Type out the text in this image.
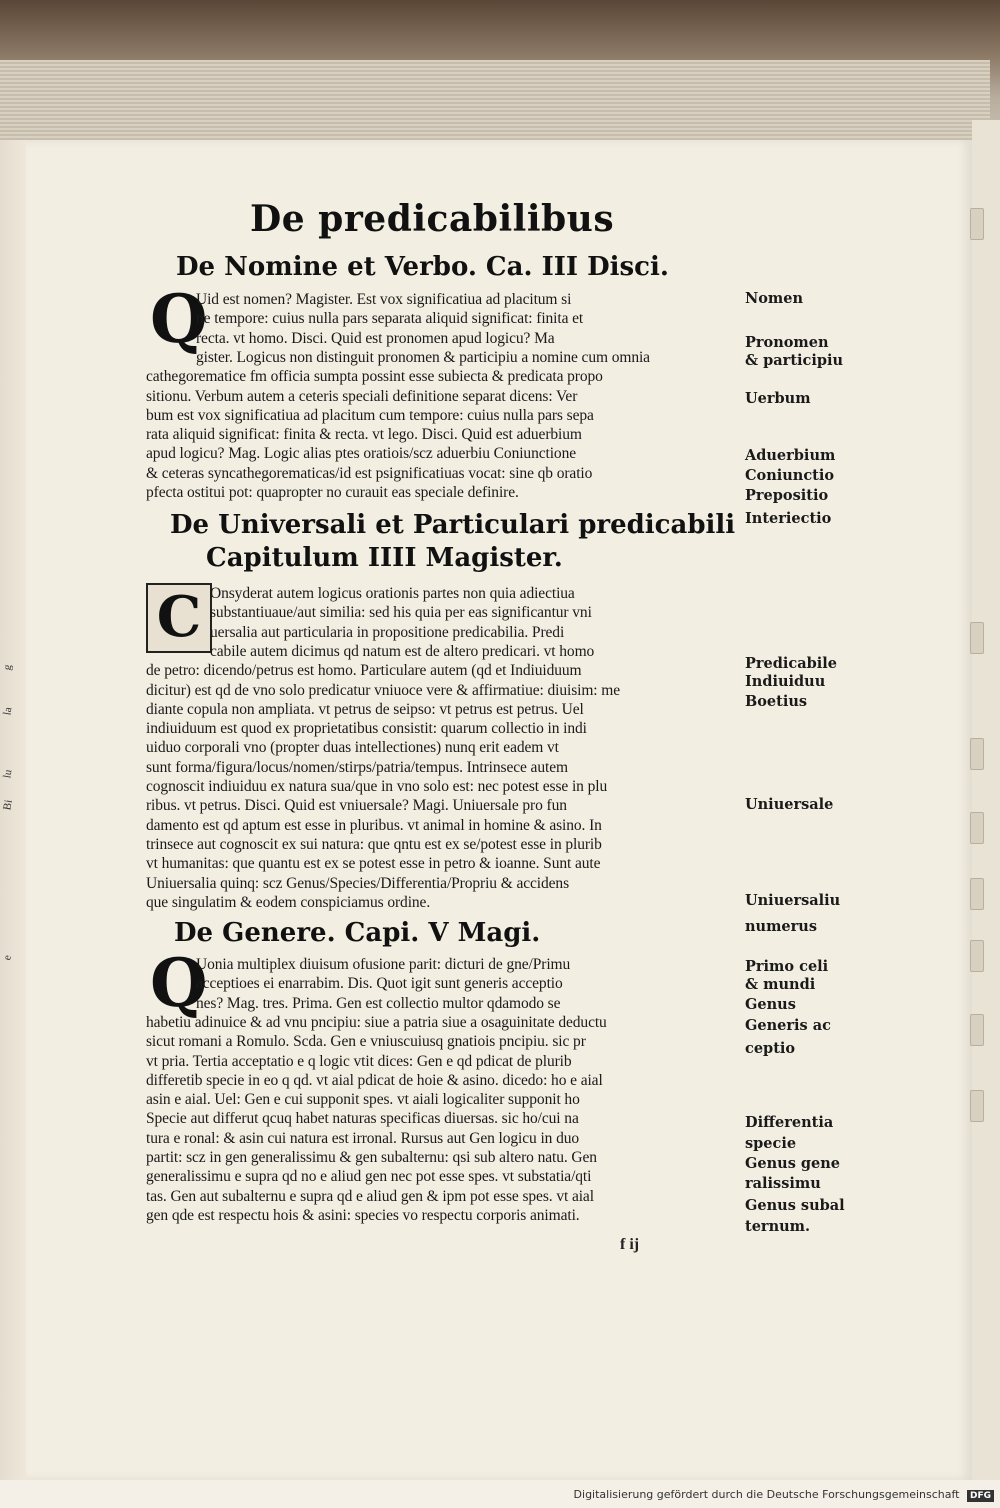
g
la
lu
Bi
e
De predicabilibus
De Nomine et Verbo. Ca. III Disci.
De Universali et Particulari predicabili
Capitulum IIII Magister.
De Genere. Capi. V Magi.
Q
C
Q
Uid est nomen? Magister. Est vox significatiua ad placitum si
ne tempore: cuius nulla pars separata aliquid significat: finita et
recta. vt homo. Disci. Quid est pronomen apud logicu? Ma
gister. Logicus non distinguit pronomen & participiu a nomine cum omnia
cathegorematice fm officia sumpta possint esse subiecta & predicata propo
sitionu. Verbum autem a ceteris speciali definitione separat dicens: Ver
bum est vox significatiua ad placitum cum tempore: cuius nulla pars sepa
rata aliquid significat: finita & recta. vt lego. Disci. Quid est aduerbium
apud logicu? Mag. Logic alias ptes oratiois/scz aduerbiu Coniunctione
& ceteras syncathegorematicas/id est psignificatiuas vocat: sine qb oratio
pfecta ostitui pot: quapropter no curauit eas speciale definire.
Onsyderat autem logicus orationis partes non quia adiectiua
substantiuaue/aut similia: sed his quia per eas significantur vni
uersalia aut particularia in propositione predicabilia. Predi
cabile autem dicimus qd natum est de altero predicari. vt homo
de petro: dicendo/petrus est homo. Particulare autem (qd et Indiuiduum
dicitur) est qd de vno solo predicatur vniuoce vere & affirmatiue: diuisim: me
diante copula non ampliata. vt petrus de seipso: vt petrus est petrus. Uel
indiuiduum est quod ex proprietatibus consistit: quarum collectio in indi
uiduo corporali vno (propter duas intellectiones) nunq erit eadem vt
sunt forma/figura/locus/nomen/stirps/patria/tempus. Intrinsece autem
cognoscit indiuiduu ex natura sua/que in vno solo est: nec potest esse in plu
ribus. vt petrus. Disci. Quid est vniuersale? Magi. Uniuersale pro fun
damento est qd aptum est esse in pluribus. vt animal in homine & asino. In
trinsece aut cognoscit ex sui natura: que qntu est ex se/potest esse in plurib
vt humanitas: que quantu est ex se potest esse in petro & ioanne. Sunt aute
Uniuersalia quinq: scz Genus/Species/Differentia/Propriu & accidens
que singulatim & eodem conspiciamus ordine.
Uonia multiplex diuisum ofusione parit: dicturi de gne/Primu
acceptioes ei enarrabim. Dis. Quot igit sunt generis acceptio
nes? Mag. tres. Prima. Gen est collectio multor qdamodo se
habetiu adinuice & ad vnu pncipiu: siue a patria siue a osaguinitate deductu
sicut romani a Romulo. Scda. Gen e vniuscuiusq gnatiois pncipiu. sic pr
vt pria. Tertia acceptatio e q logic vtit dices: Gen e qd pdicat de plurib
differetib specie in eo q qd. vt aial pdicat de hoie & asino. dicedo: ho e aial
asin e aial. Uel: Gen e cui supponit spes. vt aiali logicaliter supponit ho
Specie aut differut qcuq habet naturas specificas diuersas. sic ho/cui na
tura e ronal: & asin cui natura est irronal. Rursus aut Gen logicu in duo
partit: scz in gen generalissimu & gen subalternu: qsi sub altero natu. Gen
generalissimu e supra qd no e aliud gen nec pot esse spes. vt substatia/qti
tas. Gen aut subalternu e supra qd e aliud gen & ipm pot esse spes. vt aial
gen qde est respectu hois & asini: species vo respectu corporis animati.
Nomen
Pronomen
& participiu
Uerbum
Aduerbium
Coniunctio
Prepositio
Interiectio
Predicabile
Indiuiduu
Boetius
Uniuersale
Uniuersaliu
numerus
Primo celi
& mundi
Genus
Generis ac
ceptio
Differentia
specie
Genus gene
ralissimu
Genus subal
ternum.
f ij
Digitalisierung gefördert durch die Deutsche Forschungsgemeinschaft DFG
